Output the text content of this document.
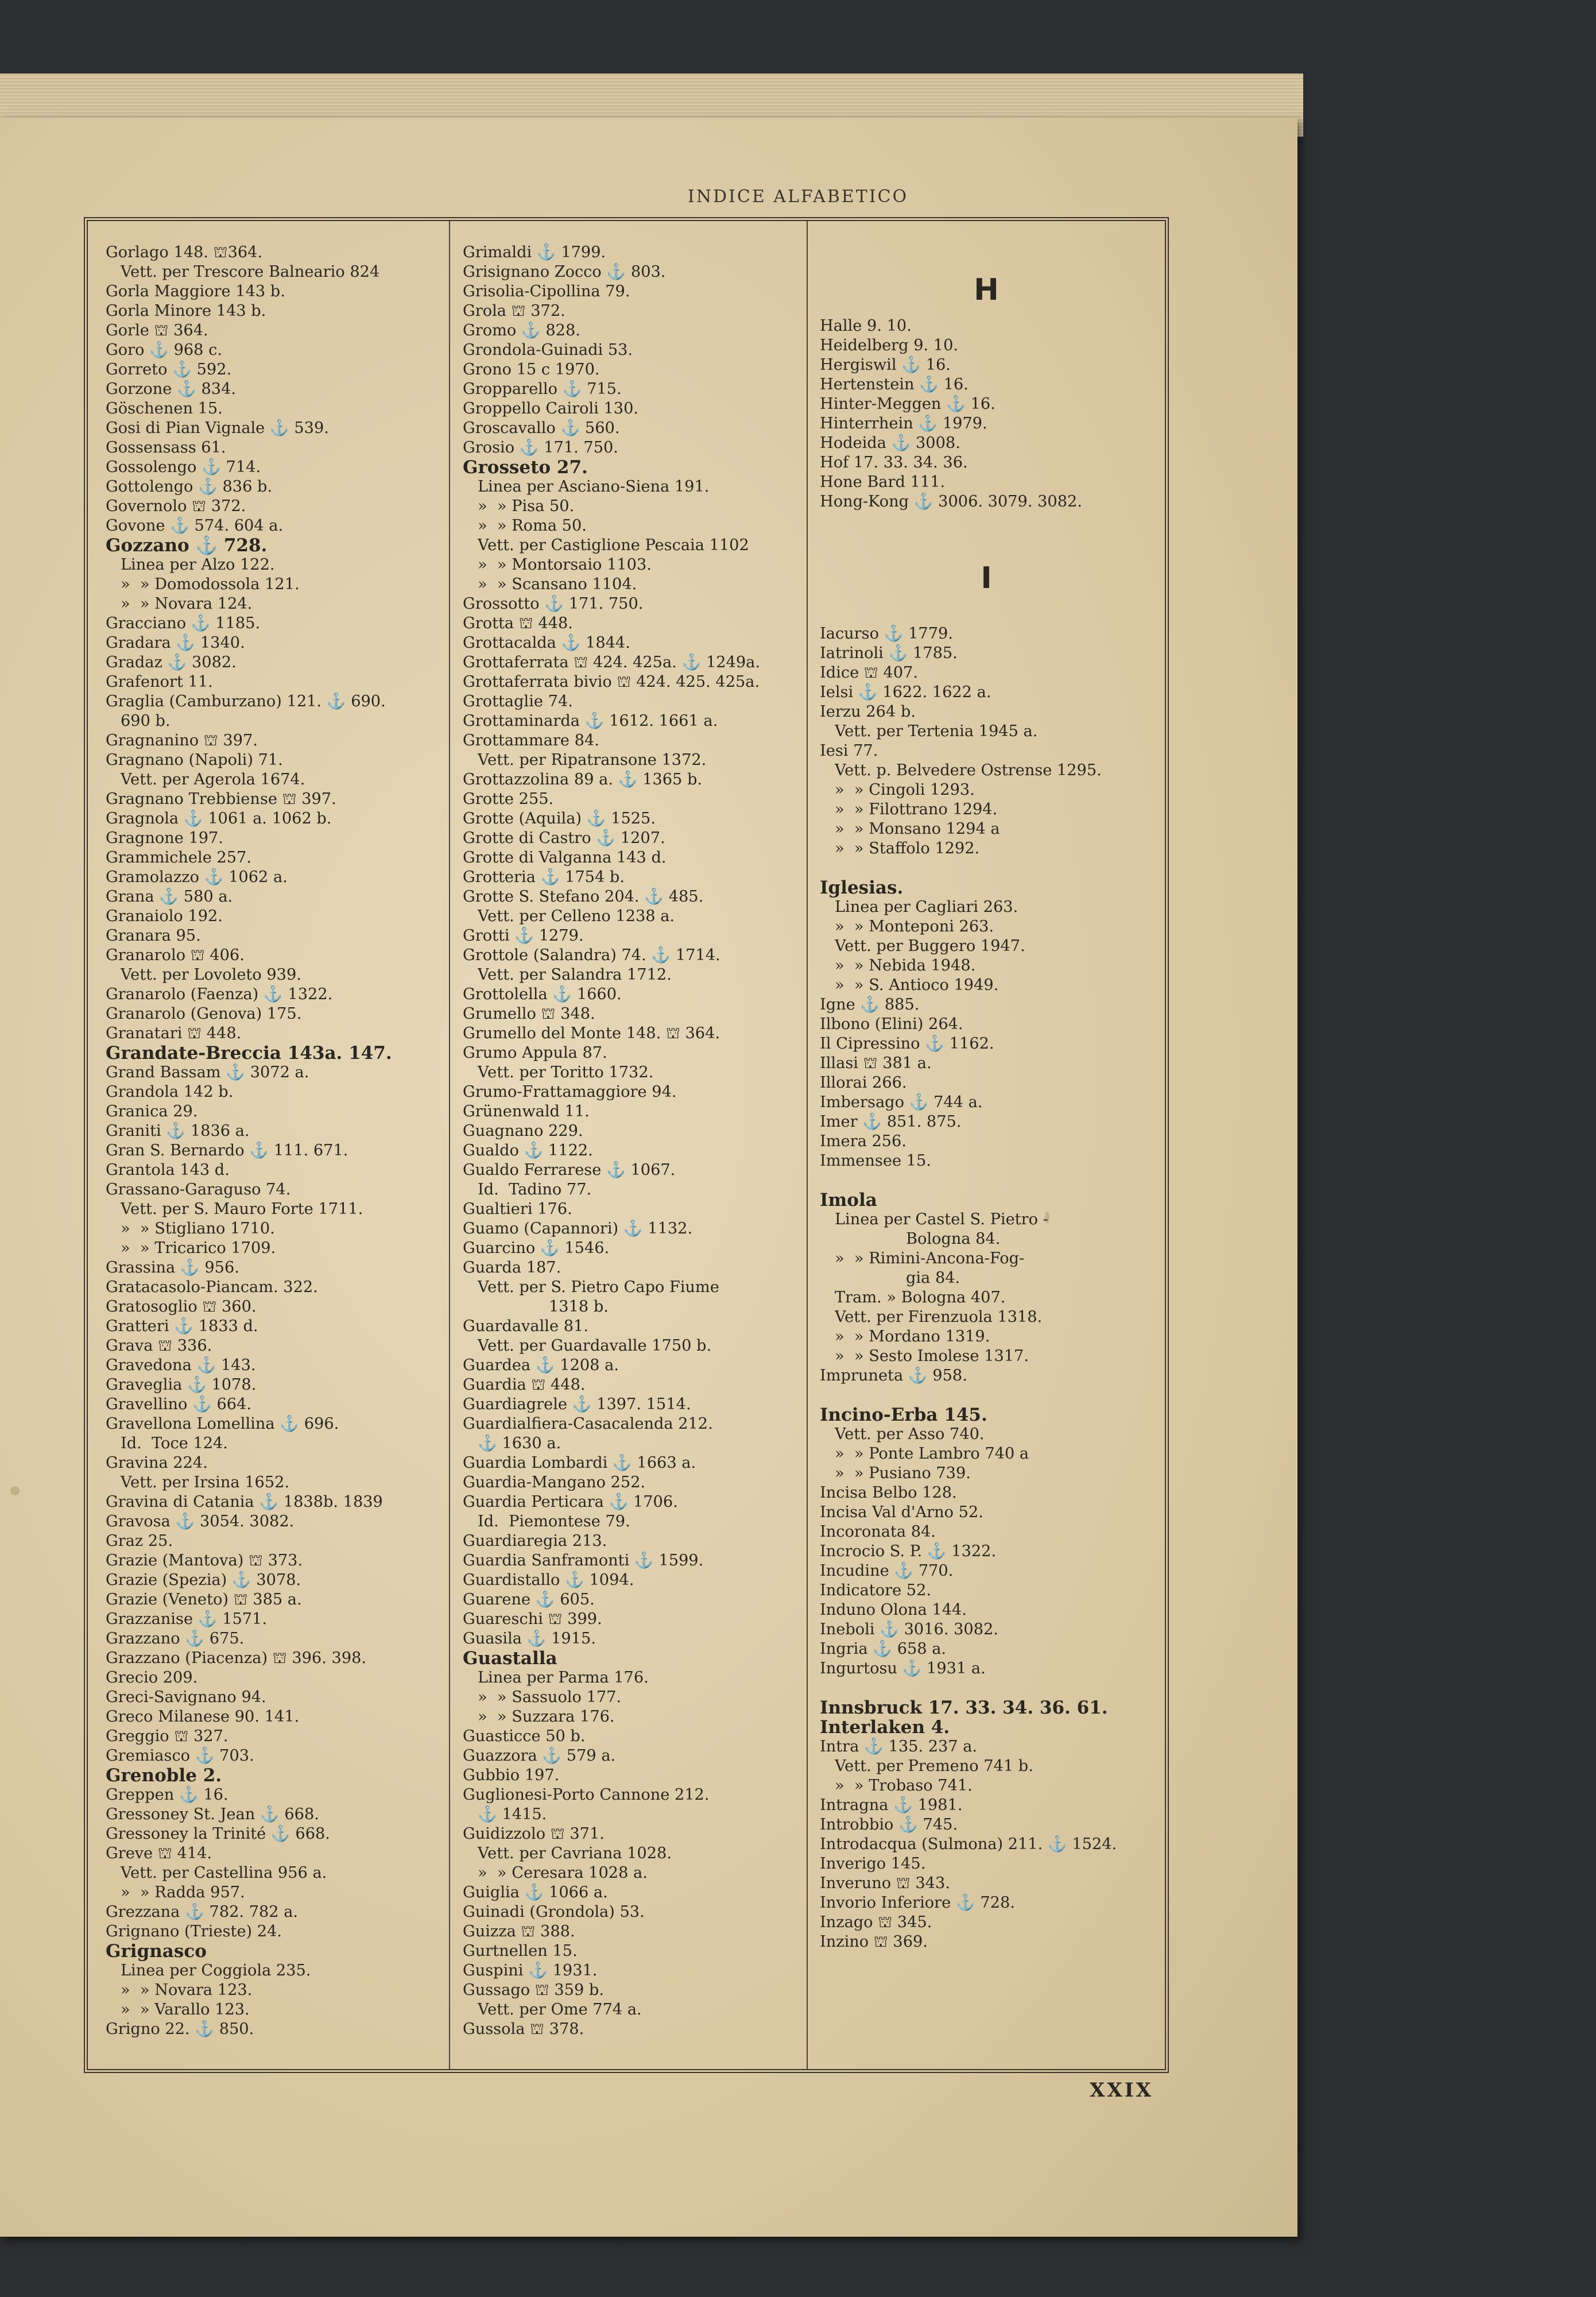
INDICE ALFABETICO
Gorlago 148. ⛫364.
Vett. per Trescore Balneario 824
Gorla Maggiore 143 b.
Gorla Minore 143 b.
Gorle ⛫ 364.
Goro ⚓ 968 c.
Gorreto ⚓ 592.
Gorzone ⚓ 834.
Göschenen 15.
Gosi di Pian Vignale ⚓ 539.
Gossensass 61.
Gossolengo ⚓ 714.
Gottolengo ⚓ 836 b.
Governolo ⛫ 372.
Govone ⚓ 574. 604 a.
Gozzano ⚓ 728.
Linea per Alzo 122.
»  » Domodossola 121.
»  » Novara 124.
Gracciano ⚓ 1185.
Gradara ⚓ 1340.
Gradaz ⚓ 3082.
Grafenort 11.
Graglia (Camburzano) 121. ⚓ 690.
690 b.
Gragnanino ⛫ 397.
Gragnano (Napoli) 71.
Vett. per Agerola 1674.
Gragnano Trebbiense ⛫ 397.
Gragnola ⚓ 1061 a. 1062 b.
Gragnone 197.
Grammichele 257.
Gramolazzo ⚓ 1062 a.
Grana ⚓ 580 a.
Granaiolo 192.
Granara 95.
Granarolo ⛫ 406.
Vett. per Lovoleto 939.
Granarolo (Faenza) ⚓ 1322.
Granarolo (Genova) 175.
Granatari ⛫ 448.
Grandate-Breccia 143a. 147.
Grand Bassam ⚓ 3072 a.
Grandola 142 b.
Granica 29.
Graniti ⚓ 1836 a.
Gran S. Bernardo ⚓ 111. 671.
Grantola 143 d.
Grassano-Garaguso 74.
Vett. per S. Mauro Forte 1711.
»  » Stigliano 1710.
»  » Tricarico 1709.
Grassina ⚓ 956.
Gratacasolo-Piancam. 322.
Gratosoglio ⛫ 360.
Gratteri ⚓ 1833 d.
Grava ⛫ 336.
Gravedona ⚓ 143.
Graveglia ⚓ 1078.
Gravellino ⚓ 664.
Gravellona Lomellina ⚓ 696.
Id.  Toce 124.
Gravina 224.
Vett. per Irsina 1652.
Gravina di Catania ⚓ 1838b. 1839
Gravosa ⚓ 3054. 3082.
Graz 25.
Grazie (Mantova) ⛫ 373.
Grazie (Spezia) ⚓ 3078.
Grazie (Veneto) ⛫ 385 a.
Grazzanise ⚓ 1571.
Grazzano ⚓ 675.
Grazzano (Piacenza) ⛫ 396. 398.
Grecio 209.
Greci-Savignano 94.
Greco Milanese 90. 141.
Greggio ⛫ 327.
Gremiasco ⚓ 703.
Grenoble 2.
Greppen ⚓ 16.
Gressoney St. Jean ⚓ 668.
Gressoney la Trinité ⚓ 668.
Greve ⛫ 414.
Vett. per Castellina 956 a.
»  » Radda 957.
Grezzana ⚓ 782. 782 a.
Grignano (Trieste) 24.
Grignasco
Linea per Coggiola 235.
»  » Novara 123.
»  » Varallo 123.
Grigno 22. ⚓ 850.
Grimaldi ⚓ 1799.
Grisignano Zocco ⚓ 803.
Grisolia-Cipollina 79.
Grola ⛫ 372.
Gromo ⚓ 828.
Grondola-Guinadi 53.
Grono 15 c 1970.
Gropparello ⚓ 715.
Groppello Cairoli 130.
Groscavallo ⚓ 560.
Grosio ⚓ 171. 750.
Grosseto 27.
Linea per Asciano-Siena 191.
»  » Pisa 50.
»  » Roma 50.
Vett. per Castiglione Pescaia 1102
»  » Montorsaio 1103.
»  » Scansano 1104.
Grossotto ⚓ 171. 750.
Grotta ⛫ 448.
Grottacalda ⚓ 1844.
Grottaferrata ⛫ 424. 425a. ⚓ 1249a.
Grottaferrata bivio ⛫ 424. 425. 425a.
Grottaglie 74.
Grottaminarda ⚓ 1612. 1661 a.
Grottammare 84.
Vett. per Ripatransone 1372.
Grottazzolina 89 a. ⚓ 1365 b.
Grotte 255.
Grotte (Aquila) ⚓ 1525.
Grotte di Castro ⚓ 1207.
Grotte di Valganna 143 d.
Grotteria ⚓ 1754 b.
Grotte S. Stefano 204. ⚓ 485.
Vett. per Celleno 1238 a.
Grotti ⚓ 1279.
Grottole (Salandra) 74. ⚓ 1714.
Vett. per Salandra 1712.
Grottolella ⚓ 1660.
Grumello ⛫ 348.
Grumello del Monte 148. ⛫ 364.
Grumo Appula 87.
Vett. per Toritto 1732.
Grumo-Frattamaggiore 94.
Grünenwald 11.
Guagnano 229.
Gualdo ⚓ 1122.
Gualdo Ferrarese ⚓ 1067.
Id.  Tadino 77.
Gualtieri 176.
Guamo (Capannori) ⚓ 1132.
Guarcino ⚓ 1546.
Guarda 187.
Vett. per S. Pietro Capo Fiume
1318 b.
Guardavalle 81.
Vett. per Guardavalle 1750 b.
Guardea ⚓ 1208 a.
Guardia ⛫ 448.
Guardiagrele ⚓ 1397. 1514.
Guardialfiera-Casacalenda 212.
⚓ 1630 a.
Guardia Lombardi ⚓ 1663 a.
Guardia-Mangano 252.
Guardia Perticara ⚓ 1706.
Id.  Piemontese 79.
Guardiaregia 213.
Guardia Sanframonti ⚓ 1599.
Guardistallo ⚓ 1094.
Guarene ⚓ 605.
Guareschi ⛫ 399.
Guasila ⚓ 1915.
Guastalla
Linea per Parma 176.
»  » Sassuolo 177.
»  » Suzzara 176.
Guasticce 50 b.
Guazzora ⚓ 579 a.
Gubbio 197.
Guglionesi-Porto Cannone 212.
⚓ 1415.
Guidizzolo ⛫ 371.
Vett. per Cavriana 1028.
»  » Ceresara 1028 a.
Guiglia ⚓ 1066 a.
Guinadi (Grondola) 53.
Guizza ⛫ 388.
Gurtnellen 15.
Guspini ⚓ 1931.
Gussago ⛫ 359 b.
Vett. per Ome 774 a.
Gussola ⛫ 378.
H
Halle 9. 10.
Heidelberg 9. 10.
Hergiswil ⚓ 16.
Hertenstein ⚓ 16.
Hinter-Meggen ⚓ 16.
Hinterrhein ⚓ 1979.
Hodeida ⚓ 3008.
Hof 17. 33. 34. 36.
Hone Bard 111.
Hong-Kong ⚓ 3006. 3079. 3082.
I
Iacurso ⚓ 1779.
Iatrinoli ⚓ 1785.
Idice ⛫ 407.
Ielsi ⚓ 1622. 1622 a.
Ierzu 264 b.
Vett. per Tertenia 1945 a.
Iesi 77.
Vett. p. Belvedere Ostrense 1295.
»  » Cingoli 1293.
»  » Filottrano 1294.
»  » Monsano 1294 a
»  » Staffolo 1292.
Iglesias.
Linea per Cagliari 263.
»  » Monteponi 263.
Vett. per Buggero 1947.
»  » Nebida 1948.
»  » S. Antioco 1949.
Igne ⚓ 885.
Ilbono (Elini) 264.
Il Cipressino ⚓ 1162.
Illasi ⛫ 381 a.
Illorai 266.
Imbersago ⚓ 744 a.
Imer ⚓ 851. 875.
Imera 256.
Immensee 15.
Imola
Linea per Castel S. Pietro -
Bologna 84.
»  » Rimini-Ancona-Fog-
gia 84.
Tram. » Bologna 407.
Vett. per Firenzuola 1318.
»  » Mordano 1319.
»  » Sesto Imolese 1317.
Impruneta ⚓ 958.
Incino-Erba 145.
Vett. per Asso 740.
»  » Ponte Lambro 740 a
»  » Pusiano 739.
Incisa Belbo 128.
Incisa Val d'Arno 52.
Incoronata 84.
Incrocio S. P. ⚓ 1322.
Incudine ⚓ 770.
Indicatore 52.
Induno Olona 144.
Ineboli ⚓ 3016. 3082.
Ingria ⚓ 658 a.
Ingurtosu ⚓ 1931 a.
Innsbruck 17. 33. 34. 36. 61.
Interlaken 4.
Intra ⚓ 135. 237 a.
Vett. per Premeno 741 b.
»  » Trobaso 741.
Intragna ⚓ 1981.
Introbbio ⚓ 745.
Introdacqua (Sulmona) 211. ⚓ 1524.
Inverigo 145.
Inveruno ⛫ 343.
Invorio Inferiore ⚓ 728.
Inzago ⛫ 345.
Inzino ⛫ 369.
XXIX
